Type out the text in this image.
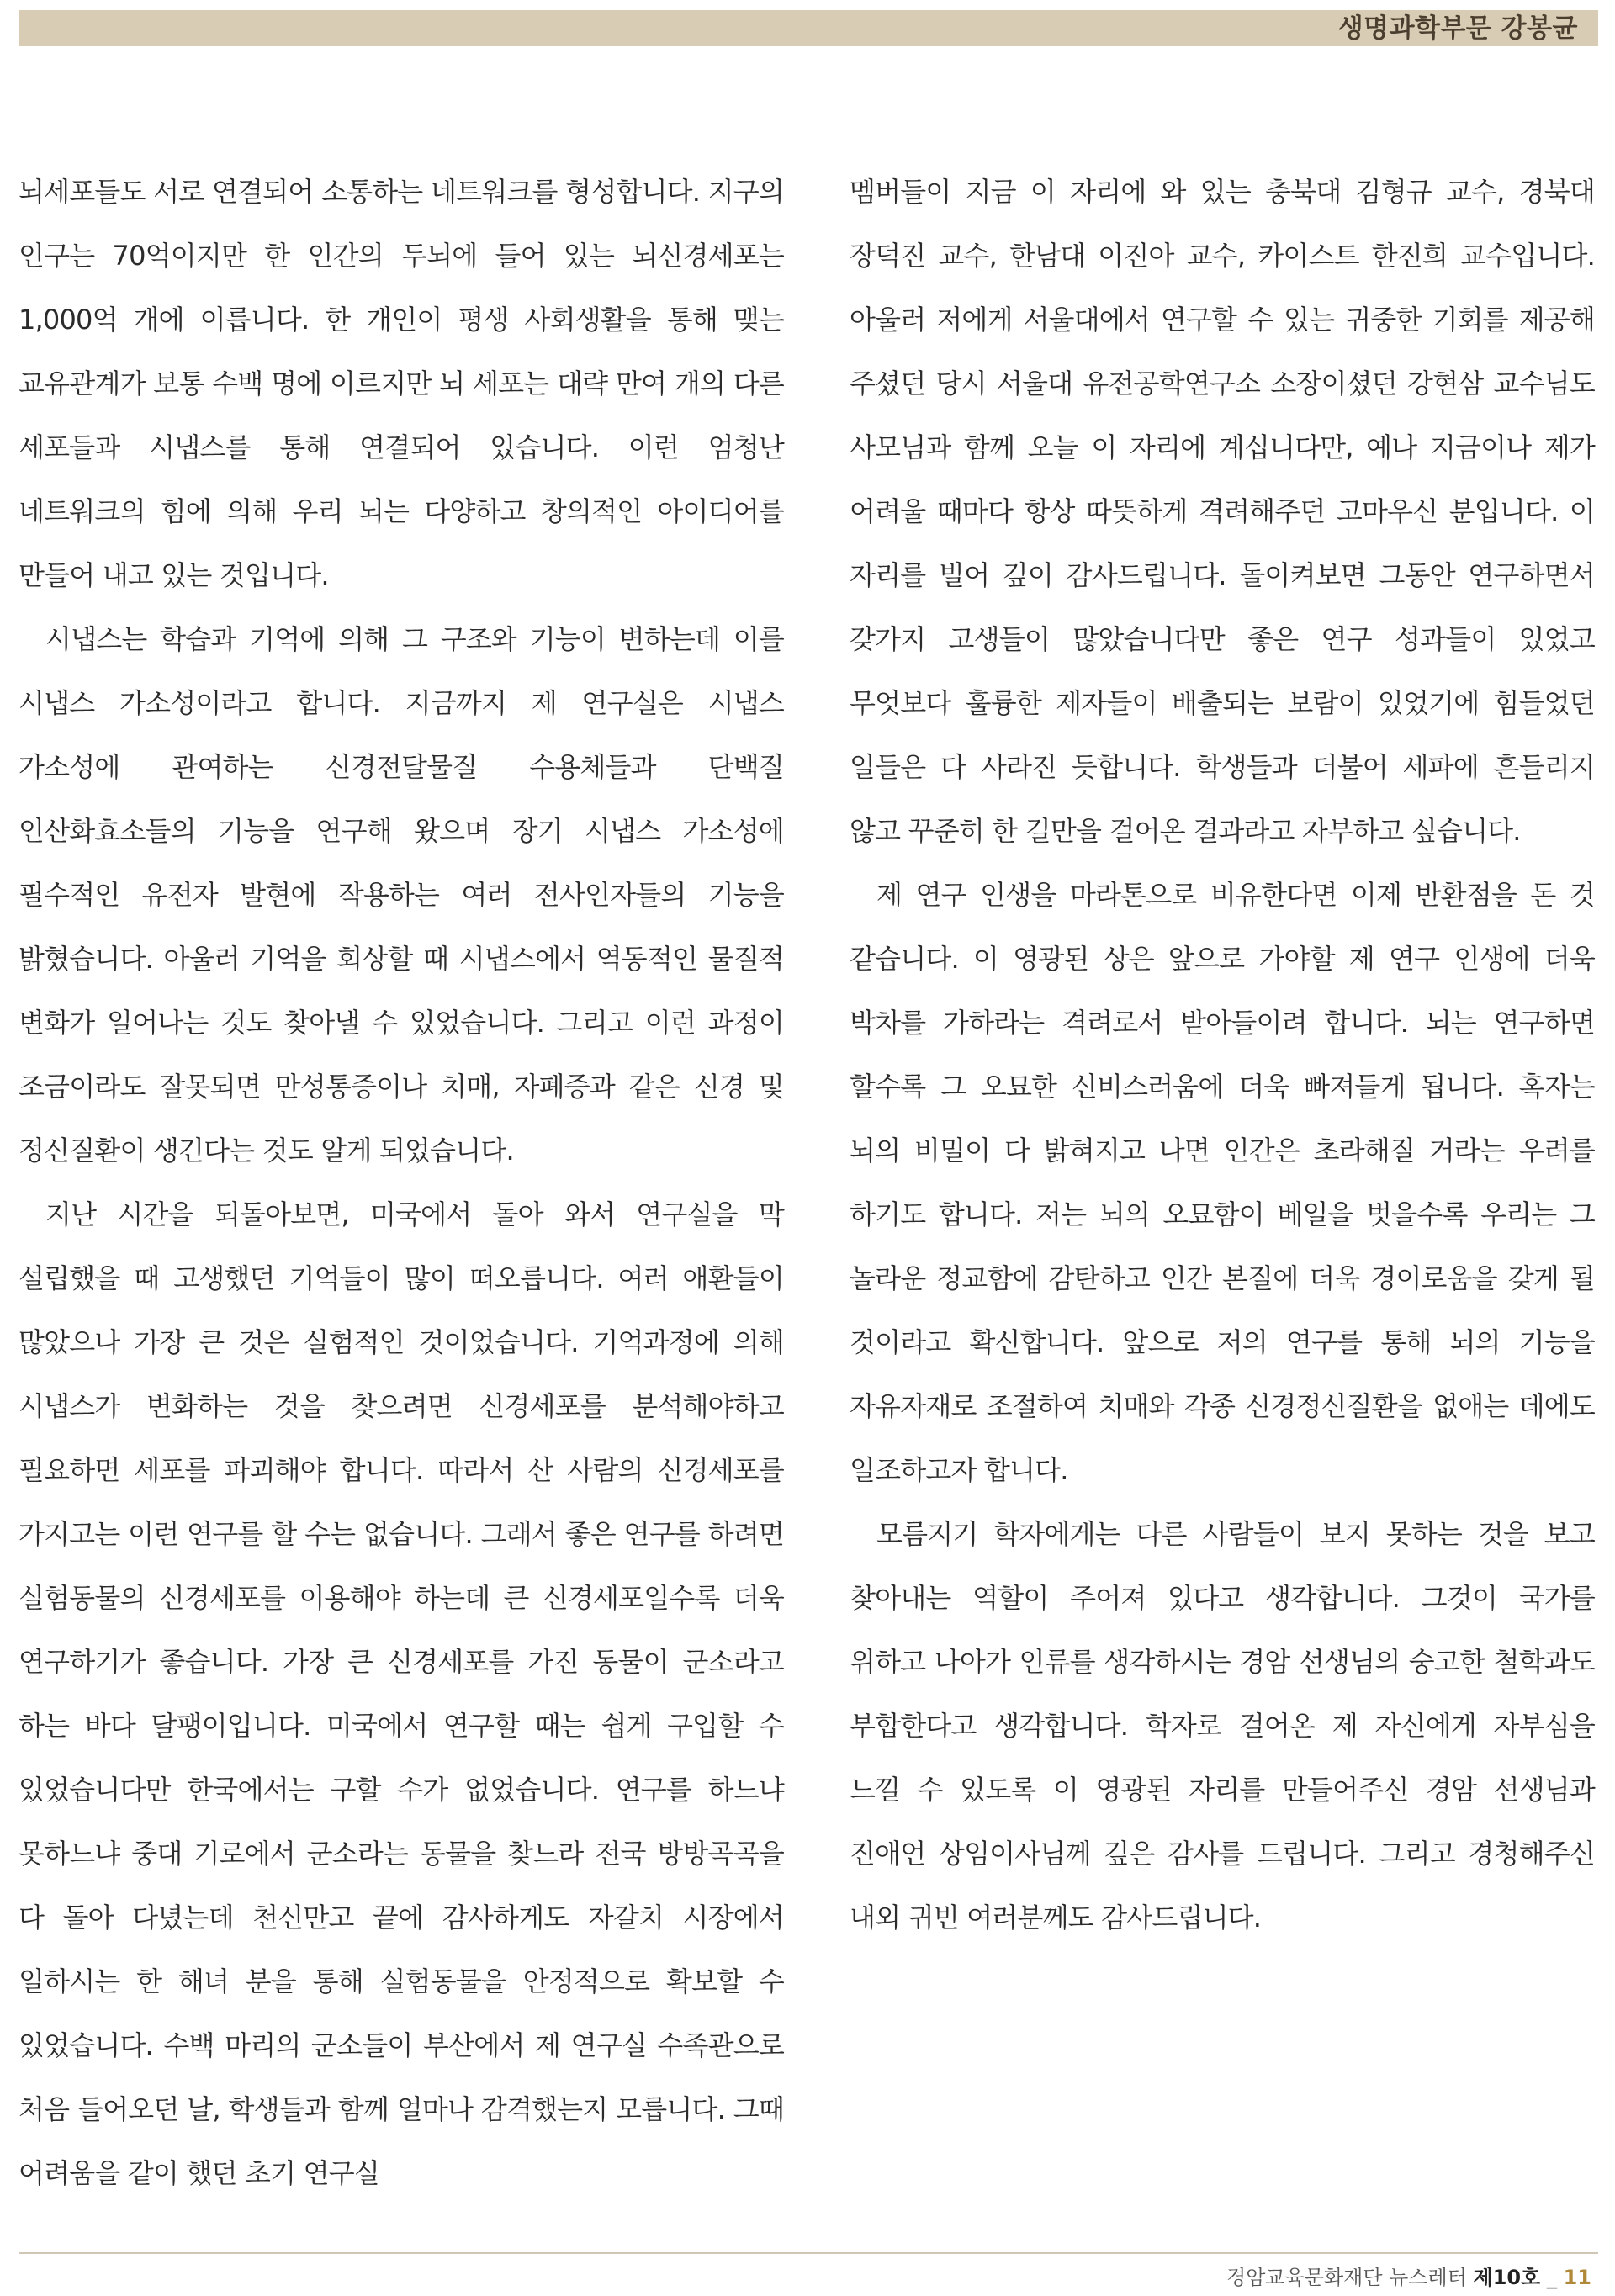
생명과학부문 강봉균

뇌세포들도 서로 연결되어 소통하는 네트워크를 형성합니다. 지구의 인구는 70억이지만 한 인간의 두뇌에 들어 있는 뇌신경세포는 1,000억 개에 이릅니다. 한 개인이 평생 사회생활을 통해 맺는 교유관계가 보통 수백 명에 이르지만 뇌 세포는 대략 만여 개의 다른 세포들과 시냅스를 통해 연결되어 있습니다. 이런 엄청난 네트워크의 힘에 의해 우리 뇌는 다양하고 창의적인 아이디어를 만들어 내고 있는 것입니다.

시냅스는 학습과 기억에 의해 그 구조와 기능이 변하는데 이를 시냅스 가소성이라고 합니다. 지금까지 제 연구실은 시냅스 가소성에 관여하는 신경전달물질 수용체들과 단백질 인산화효소들의 기능을 연구해 왔으며 장기 시냅스 가소성에 필수적인 유전자 발현에 작용하는 여러 전사인자들의 기능을 밝혔습니다. 아울러 기억을 회상할 때 시냅스에서 역동적인 물질적 변화가 일어나는 것도 찾아낼 수 있었습니다. 그리고 이런 과정이 조금이라도 잘못되면 만성통증이나 치매, 자폐증과 같은 신경 및 정신질환이 생긴다는 것도 알게 되었습니다.

지난 시간을 되돌아보면, 미국에서 돌아 와서 연구실을 막 설립했을 때 고생했던 기억들이 많이 떠오릅니다. 여러 애환들이 많았으나 가장 큰 것은 실험적인 것이었습니다. 기억과정에 의해 시냅스가 변화하는 것을 찾으려면 신경세포를 분석해야하고 필요하면 세포를 파괴해야 합니다. 따라서 산 사람의 신경세포를 가지고는 이런 연구를 할 수는 없습니다. 그래서 좋은 연구를 하려면 실험동물의 신경세포를 이용해야 하는데 큰 신경세포일수록 더욱 연구하기가 좋습니다. 가장 큰 신경세포를 가진 동물이 군소라고 하는 바다 달팽이입니다. 미국에서 연구할 때는 쉽게 구입할 수 있었습니다만 한국에서는 구할 수가 없었습니다. 연구를 하느냐 못하느냐 중대 기로에서 군소라는 동물을 찾느라 전국 방방곡곡을 다 돌아 다녔는데 천신만고 끝에 감사하게도 자갈치 시장에서 일하시는 한 해녀 분을 통해 실험동물을 안정적으로 확보할 수 있었습니다. 수백 마리의 군소들이 부산에서 제 연구실 수족관으로 처음 들어오던 날, 학생들과 함께 얼마나 감격했는지 모릅니다. 그때 어려움을 같이 했던 초기 연구실

멤버들이 지금 이 자리에 와 있는 충북대 김형규 교수, 경북대 장덕진 교수, 한남대 이진아 교수, 카이스트 한진희 교수입니다. 아울러 저에게 서울대에서 연구할 수 있는 귀중한 기회를 제공해 주셨던 당시 서울대 유전공학연구소 소장이셨던 강현삼 교수님도 사모님과 함께 오늘 이 자리에 계십니다만, 예나 지금이나 제가 어려울 때마다 항상 따뜻하게 격려해주던 고마우신 분입니다. 이 자리를 빌어 깊이 감사드립니다. 돌이켜보면 그동안 연구하면서 갖가지 고생들이 많았습니다만 좋은 연구 성과들이 있었고 무엇보다 훌륭한 제자들이 배출되는 보람이 있었기에 힘들었던 일들은 다 사라진 듯합니다. 학생들과 더불어 세파에 흔들리지 않고 꾸준히 한 길만을 걸어온 결과라고 자부하고 싶습니다.

제 연구 인생을 마라톤으로 비유한다면 이제 반환점을 돈 것 같습니다. 이 영광된 상은 앞으로 가야할 제 연구 인생에 더욱 박차를 가하라는 격려로서 받아들이려 합니다. 뇌는 연구하면 할수록 그 오묘한 신비스러움에 더욱 빠져들게 됩니다. 혹자는 뇌의 비밀이 다 밝혀지고 나면 인간은 초라해질 거라는 우려를 하기도 합니다. 저는 뇌의 오묘함이 베일을 벗을수록 우리는 그 놀라운 정교함에 감탄하고 인간 본질에 더욱 경이로움을 갖게 될 것이라고 확신합니다. 앞으로 저의 연구를 통해 뇌의 기능을 자유자재로 조절하여 치매와 각종 신경정신질환을 없애는 데에도 일조하고자 합니다.

모름지기 학자에게는 다른 사람들이 보지 못하는 것을 보고 찾아내는 역할이 주어져 있다고 생각합니다. 그것이 국가를 위하고 나아가 인류를 생각하시는 경암 선생님의 숭고한 철학과도 부합한다고 생각합니다. 학자로 걸어온 제 자신에게 자부심을 느낄 수 있도록 이 영광된 자리를 만들어주신 경암 선생님과 진애언 상임이사님께 깊은 감사를 드립니다. 그리고 경청해주신 내외 귀빈 여러분께도 감사드립니다.

경암교육문화재단 뉴스레터 제10호 _ 11
